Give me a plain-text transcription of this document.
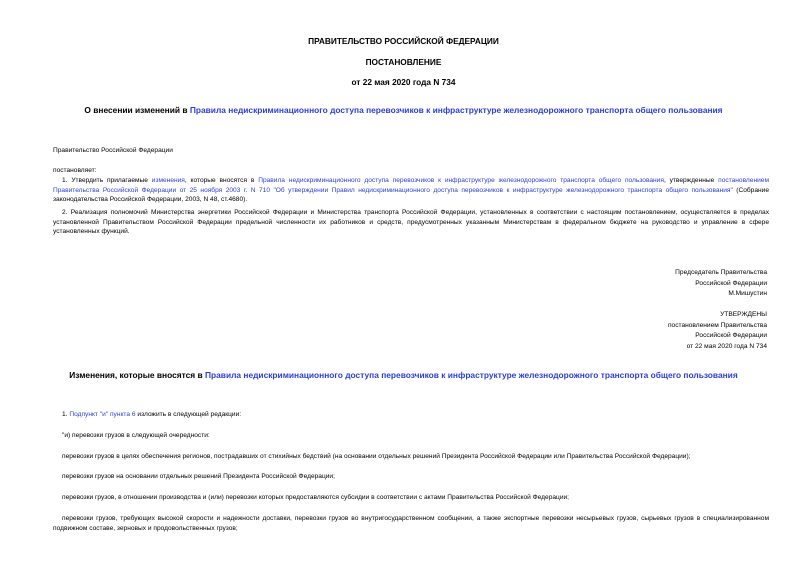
ПРАВИТЕЛЬСТВО РОССИЙСКОЙ ФЕДЕРАЦИИ
ПОСТАНОВЛЕНИЕ
от 22 мая 2020 года N 734
О внесении изменений в Правила недискриминационного доступа перевозчиков к инфраструктуре железнодорожного транспорта общего пользования
Правительство Российской Федерации
постановляет:
1. Утвердить прилагаемые изменения, которые вносятся в Правила недискриминационного доступа перевозчиков к инфраструктуре железнодорожного транспорта общего пользования, утвержденные постановлением Правительства Российской Федерации от 25 ноября 2003 г. N 710 "Об утверждении Правил недискриминационного доступа перевозчиков к инфраструктуре железнодорожного транспорта общего пользования" (Собрание законодательства Российской Федерации, 2003, N 48, ст.4680).
2. Реализация полномочий Министерства энергетики Российской Федерации и Министерства транспорта Российской Федерации, установленных в соответствии с настоящим постановлением, осуществляется в пределах установленной Правительством Российской Федерации предельной численности их работников и средств, предусмотренных указанным Министерствам в федеральном бюджете на руководство и управление в сфере установленных функций.
Председатель Правительства
Российской Федерации
М.Мишустин
УТВЕРЖДЕНЫ
постановлением Правительства
Российской Федерации
от 22 мая 2020 года N 734
Изменения, которые вносятся в Правила недискриминационного доступа перевозчиков к инфраструктуре железнодорожного транспорта общего пользования
1. Подпункт "и" пункта 6 изложить в следующей редакции:
"и) перевозки грузов в следующей очередности:
перевозки грузов в целях обеспечения регионов, пострадавших от стихийных бедствий (на основании отдельных решений Президента Российской Федерации или Правительства Российской Федерации);
перевозки грузов на основании отдельных решений Президента Российской Федерации;
перевозки грузов, в отношении производства и (или) перевозки которых предоставляются субсидии в соответствии с актами Правительства Российской Федерации;
перевозки грузов, требующих высокой скорости и надежности доставки, перевозки грузов во внутригосударственном сообщении, а также экспортные перевозки несырьевых грузов, сырьевых грузов в специализированном подвижном составе, зерновых и продовольственных грузов;
